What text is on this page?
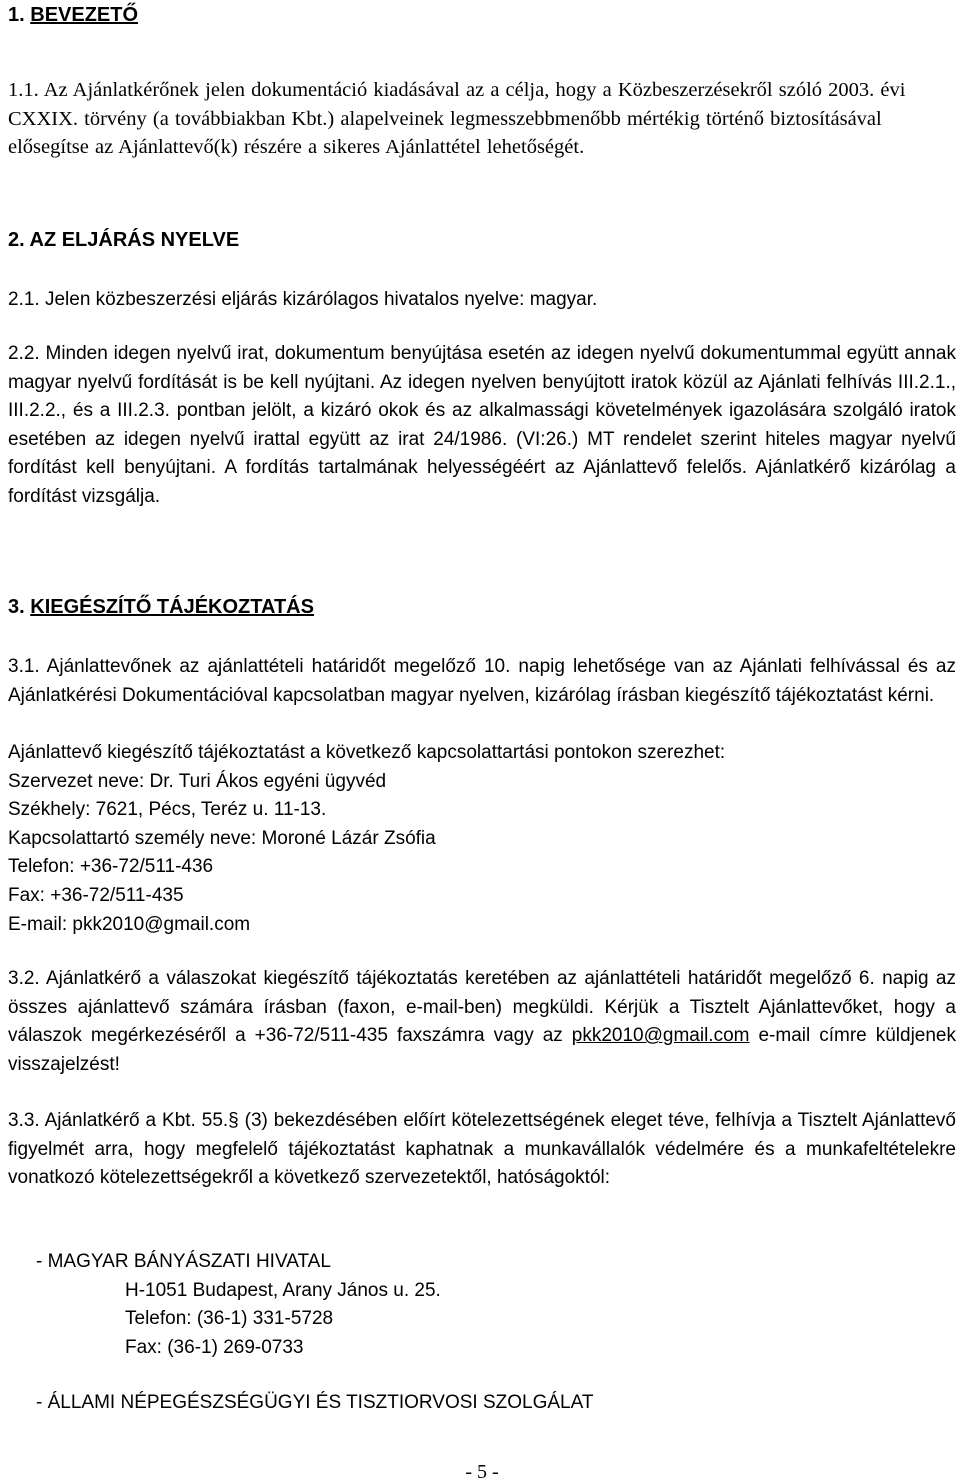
1. BEVEZETŐ
1.1. Az Ajánlatkérőnek jelen dokumentáció kiadásával az a célja, hogy a Közbeszerzésekről szóló 2003. évi CXXIX. törvény (a továbbiakban Kbt.) alapelveinek legmesszebbmenőbb mértékig történő biztosításával elősegítse az Ajánlattevő(k) részére a sikeres Ajánlattétel lehetőségét.
2. AZ ELJÁRÁS NYELVE
2.1. Jelen közbeszerzési eljárás kizárólagos hivatalos nyelve: magyar.
2.2. Minden idegen nyelvű irat, dokumentum benyújtása esetén az idegen nyelvű dokumentummal együtt annak magyar nyelvű fordítását is be kell nyújtani. Az idegen nyelven benyújtott iratok közül az Ajánlati felhívás III.2.1., III.2.2., és a III.2.3. pontban jelölt, a kizáró okok és az alkalmassági követelmények igazolására szolgáló iratok esetében az idegen nyelvű irattal együtt az irat 24/1986. (VI:26.) MT rendelet szerint hiteles magyar nyelvű fordítást kell benyújtani. A fordítás tartalmának helyességéért az Ajánlattevő felelős. Ajánlatkérő kizárólag a fordítást vizsgálja.
3. KIEGÉSZÍTŐ TÁJÉKOZTATÁS
3.1. Ajánlattevőnek az ajánlattételi határidőt megelőző 10. napig lehetősége van az Ajánlati felhívással és az Ajánlatkérési Dokumentációval kapcsolatban magyar nyelven, kizárólag írásban kiegészítő tájékoztatást kérni.
Ajánlattevő kiegészítő tájékoztatást a következő kapcsolattartási pontokon szerezhet:
Szervezet neve: Dr. Turi Ákos egyéni ügyvéd
Székhely: 7621, Pécs, Teréz u. 11-13.
Kapcsolattartó személy neve: Moroné Lázár Zsófia
Telefon: +36-72/511-436
Fax: +36-72/511-435
E-mail: pkk2010@gmail.com
3.2. Ajánlatkérő a válaszokat kiegészítő tájékoztatás keretében az ajánlattételi határidőt megelőző 6. napig az összes ajánlattevő számára írásban (faxon, e-mail-ben) megküldi. Kérjük a Tisztelt Ajánlattevőket, hogy a válaszok megérkezéséről a +36-72/511-435 faxszámra vagy az pkk2010@gmail.com e-mail címre küldjenek visszajelzést!
3.3. Ajánlatkérő a Kbt. 55.§ (3) bekezdésében előírt kötelezettségének eleget téve, felhívja a Tisztelt Ajánlattevő figyelmét arra, hogy megfelelő tájékoztatást kaphatnak a munkavállalók védelmére és a munkafeltételekre vonatkozó kötelezettségekről a következő szervezetektől, hatóságoktól:
- MAGYAR BÁNYÁSZATI HIVATAL
H-1051 Budapest, Arany János u. 25.
Telefon: (36-1) 331-5728
Fax: (36-1) 269-0733
- ÁLLAMI NÉPEGÉSZSÉGÜGYI ÉS TISZTIORVOSI SZOLGÁLAT
- 5 -
